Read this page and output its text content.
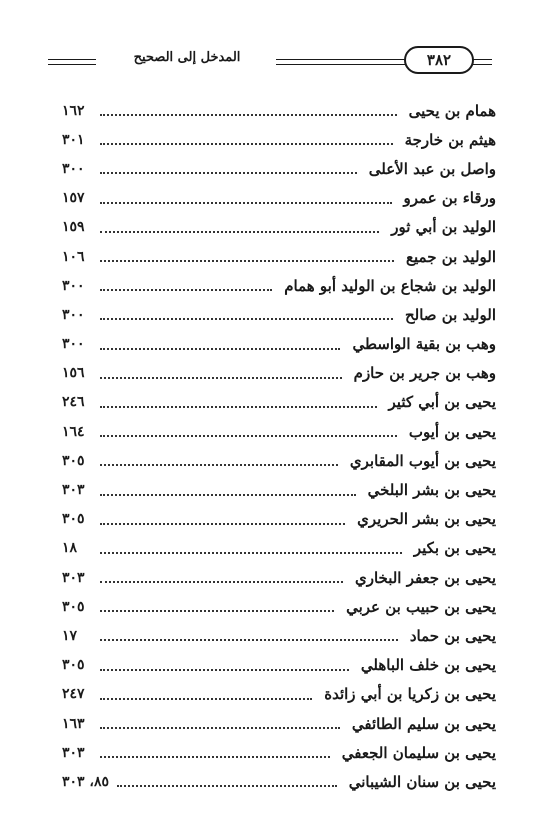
المدخل إلى الصحيح	٣٨٢
همام بن يحيى
١٦٢
هيثم بن خارجة
٣٠١
واصل بن عبد الأعلى
٣٠٠
ورقاء بن عمرو
١٥٧
الوليد بن أبي ثور
١٥٩
الوليد بن جميع
١٠٦
الوليد بن شجاع بن الوليد أبو همام
٣٠٠
الوليد بن صالح
٣٠٠
وهب بن بقية الواسطي
٣٠٠
وهب بن جرير بن حازم
١٥٦
يحيى بن أبي كثير
٢٤٦
يحيى بن أيوب
١٦٤
يحيى بن أيوب المقابري
٣٠٥
يحيى بن بشر البلخي
٣٠٣
يحيى بن بشر الحريري
٣٠٥
يحيى بن بكير
١٨
يحيى بن جعفر البخاري
٣٠٣
يحيى بن حبيب بن عربي
٣٠٥
يحيى بن حماد
١٧
يحيى بن خلف الباهلي
٣٠٥
يحيى بن زكريا بن أبي زائدة
٢٤٧
يحيى بن سليم الطائفي
١٦٣
يحيى بن سليمان الجعفي
٣٠٣
يحيى بن سنان الشيباني
٨٥، ٣٠٣
